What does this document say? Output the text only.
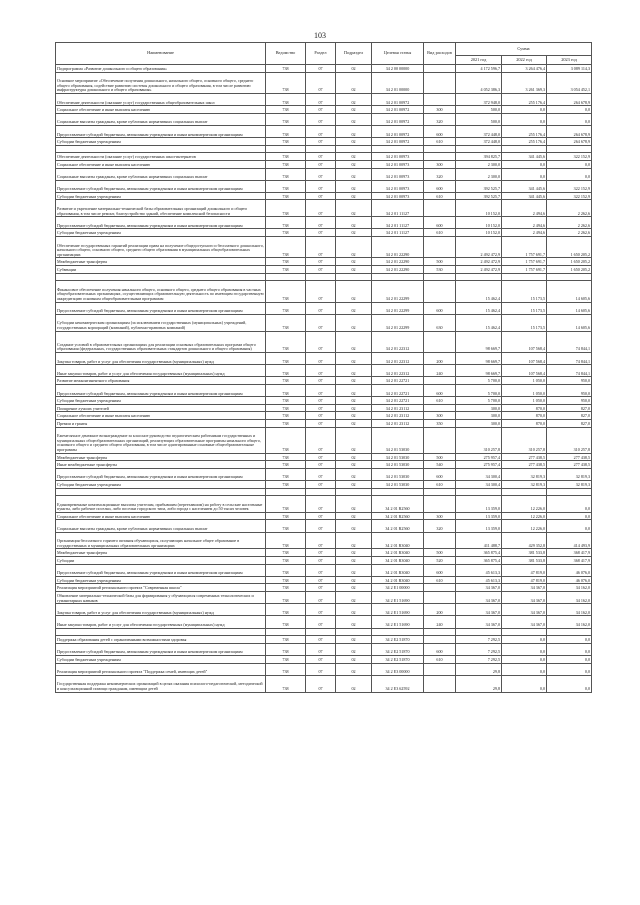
103
Наименование	Ведомство	Раздел	Подраздел	Целевая статья	Вид расходов	Сумма		
						2021 год	2022 год	2023 год
Подпрограмма «Развитие дошкольного и общего образования»	738	07	02	34 2 00 00000		4 172 596,7	3 264 476,4	3 089 114,3
Основное мероприятие «Обеспечение получения дошкольного, начального общего, основного общего, среднего общего образования, содействие развитию системы дошкольного и общего образования, в том числе развитию инфраструктуры дошкольного и общего образования»	738	07	02	34 2 01 00000		4 052 386,3	3 261 369,3	3 054 452,1
Обеспечение деятельности (оказание услуг) государственных общеобразовательных школ	738	07	02	34 2 01 00972		372 948,0	255 176,4	264 678,9
Социальное обеспечение и иные выплаты населению	738	07	02	34 2 01 00972	300	500,0	0,0	0,0
Социальные выплаты гражданам, кроме публичных нормативных социальных выплат	738	07	02	34 2 01 00972	320	500,0	0,0	0,0
Предоставление субсидий бюджетным, автономным учреждениям и иным некоммерческим организациям	738	07	02	34 2 01 00972	600	372 448,0	255 176,4	264 678,9
Субсидии бюджетным учреждениям	738	07	02	34 2 01 00972	610	372 448,0	255 176,4	264 678,9

Обеспечение деятельности (оказание услуг) государственных школ-интернатов	738	07	02	34 2 01 00973		394 825,7	341 445,6	322 152,9
Социальное обеспечение и иные выплаты населению	738	07	02	34 2 01 00973	300	2 300,0	0,0	0,0
Социальные выплаты гражданам, кроме публичных нормативных социальных выплат	738	07	02	34 2 01 00973	320	2 300,0	0,0	0,0
Предоставление субсидий бюджетным, автономным учреждениям и иным некоммерческим организациям	738	07	02	34 2 01 00973	600	392 525,7	341 445,6	322 152,9
Субсидии бюджетным учреждениям	738	07	02	34 2 01 00973	610	392 525,7	341 445,6	322 152,9
Развитие и укрепление материально-технической базы образовательных организаций дошкольного и общего образования, в том числе ремонт, благоустройство зданий, обеспечение комплексной безопасности	738	07	02	34 2 01 11127		10 152,0	2 494,6	2 262,6
Предоставление субсидий бюджетным, автономным учреждениям и иным некоммерческим организациям	738	07	02	34 2 01 11127	600	10 152,0	2 494,6	2 262,6
Субсидии бюджетным учреждениям	738	07	02	34 2 01 11127	610	10 152,0	2 494,6	2 262,6
Обеспечение государственных гарантий реализации права на получение общедоступного и бесплатного дошкольного, начального общего, основного общего, среднего общего образования в муниципальных общеобразовательных организациях	738	07	02	34 2 01 22290		2 492 472,9	1 757 691,7	1 650 205,2
Межбюджетные трансферты	738	07	02	34 2 01 22290	500	2 492 472,9	1 757 691,7	1 650 205,2
Субвенции	738	07	02	34 2 01 22290	530	2 492 472,9	1 757 691,7	1 650 205,2

Финансовое обеспечение получения начального общего, основного общего, среднего общего образования в частных общеобразовательных организациях, осуществляющих образовательную деятельность по имеющим государственную аккредитацию основным общеобразовательным программам	738	07	02	34 2 01 22299		15 462,4	15 173,5	14 605,6
Предоставление субсидий бюджетным, автономным учреждениям и иным некоммерческим организациям	738	07	02	34 2 01 22299	600	15 462,4	15 173,5	14 605,6
Субсидии некоммерческим организациям (за исключением государственных (муниципальных) учреждений, государственных корпораций (компаний), публично-правовых компаний)	738	07	02	34 2 01 22299	630	15 462,4	15 173,5	14 605,6
Создание условий в образовательных организациях для реализации основных образовательных программ общего образования (федеральных, государственных образовательных стандартов дошкольного и общего образования)	738	07	02	34 2 01 22312		98 669,7	107 568,4	74 844,1
Закупка товаров, работ и услуг для обеспечения государственных (муниципальных) нужд	738	07	02	34 2 01 22312	200	98 669,7	107 568,4	74 844,1
Иные закупки товаров, работ и услуг для обеспечения государственных (муниципальных) нужд	738	07	02	34 2 01 22312	240	98 669,7	107 568,4	74 844,1
Развитие межконтинентного образования	738	07	02	34 2 01 22721		5 700,0	1 050,0	950,0
Предоставление субсидий бюджетным, автономным учреждениям и иным некоммерческим организациям	738	07	02	34 2 01 22721	600	5 700,0	1 050,0	950,0
Субсидии бюджетным учреждениям	738	07	02	34 2 01 22721	610	5 700,0	1 050,0	950,0
Поощрение лучших учителей	738	07	02	34 2 01 23112		300,0	870,0	827,0
Социальное обеспечение и иные выплаты населению	738	07	02	34 2 01 23112	300	300,0	870,0	827,0
Премии и гранты	738	07	02	34 2 01 23112	350	300,0	870,0	827,0
Ежемесячное денежное вознаграждение за классное руководство педагогическим работникам государственных и муниципальных общеобразовательных организаций, реализующих образовательные программы начального общего, основного общего и среднего общего образования, в том числе адаптированные основные общеобразовательные программы	738	07	02	34 2 01 53030		310 257,8	310 257,8	310 257,8
Межбюджетные трансферты	738	07	02	34 2 01 53030	500	275 957,4	277 438,5	277 438,5
Иные межбюджетные трансферты	738	07	02	34 2 01 53030	540	275 957,4	277 438,5	277 438,5
Предоставление субсидий бюджетным, автономным учреждениям и иным некоммерческим организациям	738	07	02	34 2 01 53030	600	34 300,4	32 819,3	32 819,3
Субсидии бюджетным учреждениям	738	07	02	34 2 01 53030	610	34 300,4	32 819,3	32 819,3

Единовременные компенсационные выплаты учителям, прибывшим (переехавшим) на работу в сельские населенные пункты, либо рабочие поселки, либо поселки городского типа, либо города с населением до 50 тысяч человек	738	07	02	34 2 01 R2560		13 359,0	12 226,0	0,0
Социальное обеспечение и иные выплаты населению	738	07	02	34 2 01 R2560	300	13 359,0	12 226,0	0,0
Социальные выплаты гражданам, кроме публичных нормативных социальных выплат	738	07	02	34 2 01 R2560	320	13 359,0	12 226,0	0,0
Организация бесплатного горячего питания обучающихся, получающих начальное общее образование в государственных и муниципальных образовательных организациях	738	07	02	34 2 01 R3040		411 488,7	429 352,8	414 493,9
Межбюджетные трансферты	738	07	02	34 2 01 R3040	500	365 875,4	381 533,8	368 417,9
Субсидии	738	07	02	34 2 01 R3040	520	365 875,4	381 533,8	368 417,9
Предоставление субсидий бюджетным, автономным учреждениям и иным некоммерческим организациям	738	07	02	34 2 01 R3040	600	45 613,3	47 819,0	46 076,0
Субсидии бюджетным учреждениям	738	07	02	34 2 01 R3040	610	45 613,3	47 819,0	46 076,0
Реализация мероприятий регионального проекта "Современная школа"	738	07	02	34 2 E1 00000		34 367,0	34 367,0	34 162,0
Обновление материально-технической базы для формирования у обучающихся современных технологических и гуманитарных навыков	738	07	02	34 2 E1 51690		34 367,0	34 367,0	34 162,0
Закупка товаров, работ и услуг для обеспечения государственных (муниципальных) нужд	738	07	02	34 2 E1 51690	200	34 367,0	34 367,0	34 162,0
Иные закупки товаров, работ и услуг для обеспечения государственных (муниципальных) нужд	738	07	02	34 2 E1 51690	240	34 367,0	34 367,0	34 162,0

Поддержка образования детей с ограниченными возможностями здоровья	738	07	02	34 2 E2 51870		7 292,5	0,0	0,0
Предоставление субсидий бюджетным, автономным учреждениям и иным некоммерческим организациям	738	07	02	34 2 E2 51870	600	7 292,5	0,0	0,0
Субсидии бюджетным учреждениям	738	07	02	34 2 E2 51870	610	7 292,5	0,0	0,0
Реализация мероприятий регионального проекта "Поддержка семей, имеющих детей"	738	07	02	34 2 E3 00000		29,8	0,0	0,0
Государственная поддержка некоммерческих организаций в целях оказания психолого-педагогической, методической и консультационной помощи гражданам, имеющим детей	738	07	02	34 2 E3 62592		29,8	0,0	0,0
